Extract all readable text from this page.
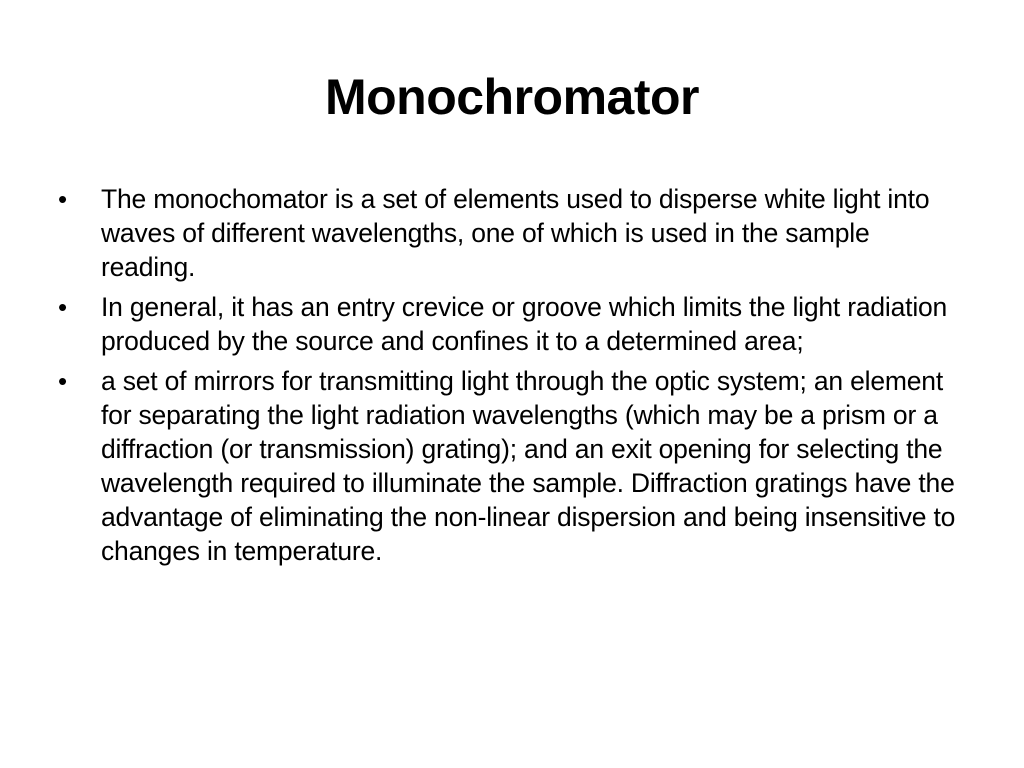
Monochromator
•	The monochomator is a set of elements used to disperse white light into waves of different wavelengths, one of which is used in the sample reading.
•	In general, it has an entry crevice or groove which limits the light radiation produced by the source and confines it to a determined area;
•	a set of mirrors for transmitting light through the optic system; an element for separating the light radiation wavelengths (which may be a prism or a diffraction (or transmission) grating); and an exit opening for selecting the wavelength required to illuminate the sample. Diffraction gratings have the advantage of eliminating the non-linear dispersion and being insensitive to changes in temperature.
